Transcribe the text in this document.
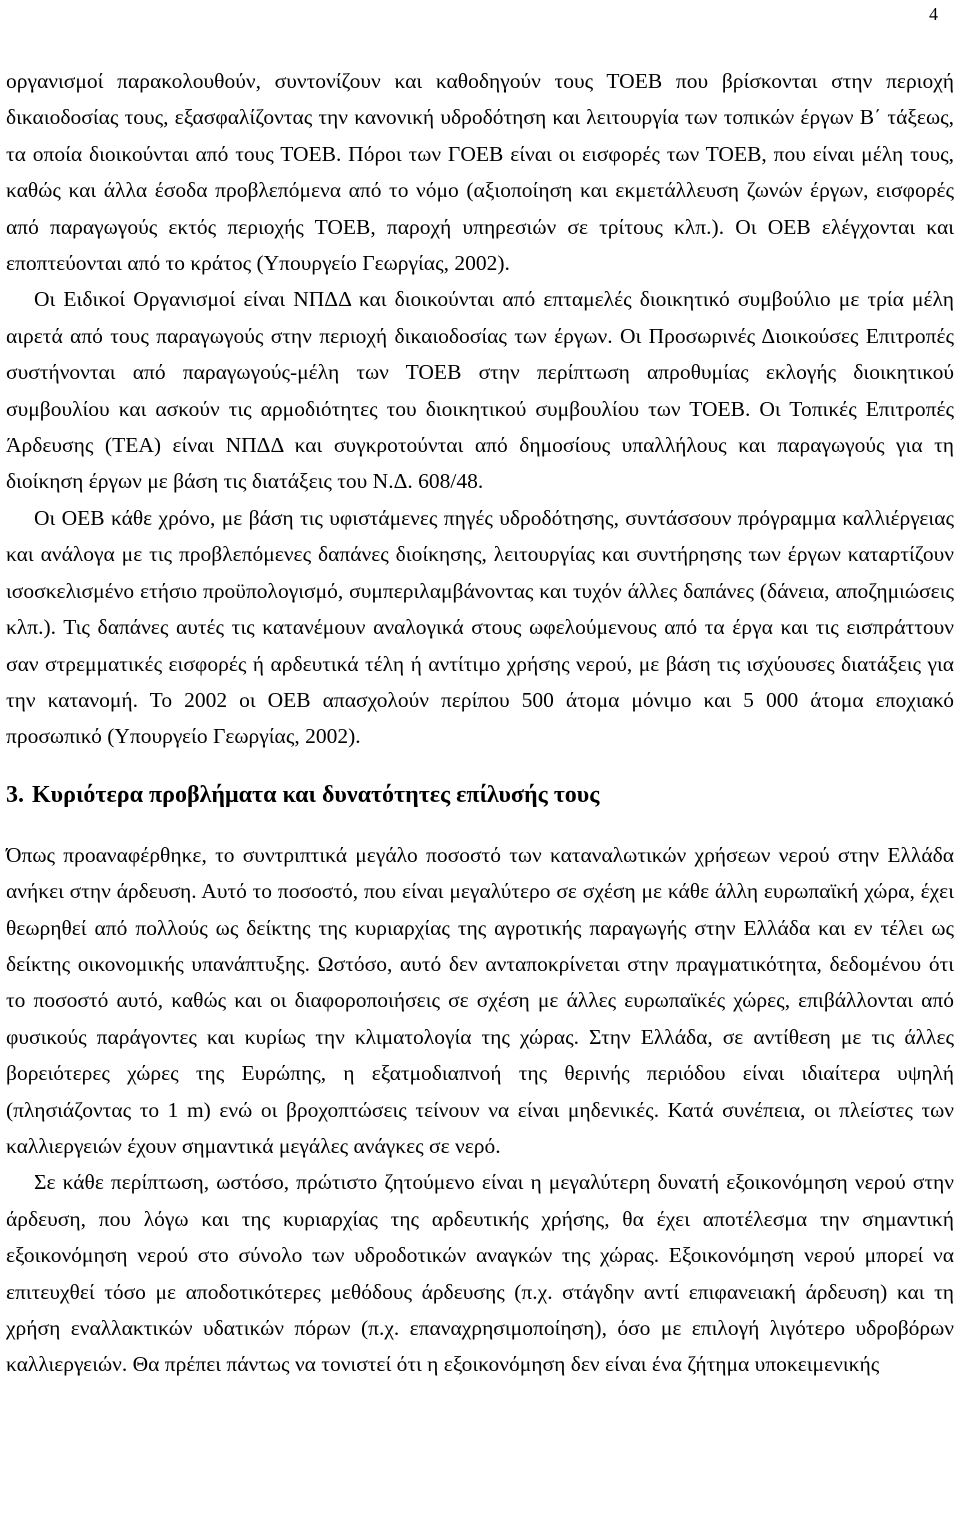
4

οργανισμοί παρακολουθούν, συντονίζουν και καθοδηγούν τους ΤΟΕΒ που βρίσκονται στην περιοχή δικαιοδοσίας τους, εξασφαλίζοντας την κανονική υδροδότηση και λειτουργία των τοπικών έργων Β΄ τάξεως, τα οποία διοικούνται από τους ΤΟΕΒ. Πόροι των ΓΟΕΒ είναι οι εισφορές των ΤΟΕΒ, που είναι μέλη τους, καθώς και άλλα έσοδα προβλεπόμενα από το νόμο (αξιοποίηση και εκμετάλλευση ζωνών έργων, εισφορές από παραγωγούς εκτός περιοχής ΤΟΕΒ, παροχή υπηρεσιών σε τρίτους κλπ.). Οι ΟΕΒ ελέγχονται και εποπτεύονται από το κράτος (Υπουργείο Γεωργίας, 2002).

Οι Ειδικοί Οργανισμοί είναι ΝΠΔΔ και διοικούνται από επταμελές διοικητικό συμβούλιο με τρία μέλη αιρετά από τους παραγωγούς στην περιοχή δικαιοδοσίας των έργων. Οι Προσωρινές Διοικούσες Επιτροπές συστήνονται από παραγωγούς-μέλη των ΤΟΕΒ στην περίπτωση απροθυμίας εκλογής διοικητικού συμβουλίου και ασκούν τις αρμοδιότητες του διοικητικού συμβουλίου των ΤΟΕΒ. Οι Τοπικές Επιτροπές Άρδευσης (ΤΕΑ) είναι ΝΠΔΔ και συγκροτούνται από δημοσίους υπαλλήλους και παραγωγούς για τη διοίκηση έργων με βάση τις διατάξεις του Ν.Δ. 608/48.

Οι ΟΕΒ κάθε χρόνο, με βάση τις υφιστάμενες πηγές υδροδότησης, συντάσσουν πρόγραμμα καλλιέργειας και ανάλογα με τις προβλεπόμενες δαπάνες διοίκησης, λειτουργίας και συντήρησης των έργων καταρτίζουν ισοσκελισμένο ετήσιο προϋπολογισμό, συμπεριλαμβάνοντας και τυχόν άλλες δαπάνες (δάνεια, αποζημιώσεις κλπ.). Τις δαπάνες αυτές τις κατανέμουν αναλογικά στους ωφελούμενους από τα έργα και τις εισπράττουν σαν στρεμματικές εισφορές ή αρδευτικά τέλη ή αντίτιμο χρήσης νερού, με βάση τις ισχύουσες διατάξεις για την κατανομή. Το 2002 οι ΟΕΒ απασχολούν περίπου 500 άτομα μόνιμο και 5 000 άτομα εποχιακό προσωπικό (Υπουργείο Γεωργίας, 2002).

3. Κυριότερα προβλήματα και δυνατότητες επίλυσής τους

Όπως προαναφέρθηκε, το συντριπτικά μεγάλο ποσοστό των καταναλωτικών χρήσεων νερού στην Ελλάδα ανήκει στην άρδευση. Αυτό το ποσοστό, που είναι μεγαλύτερο σε σχέση με κάθε άλλη ευρωπαϊκή χώρα, έχει θεωρηθεί από πολλούς ως δείκτης της κυριαρχίας της αγροτικής παραγωγής στην Ελλάδα και εν τέλει ως δείκτης οικονομικής υπανάπτυξης. Ωστόσο, αυτό δεν ανταποκρίνεται στην πραγματικότητα, δεδομένου ότι το ποσοστό αυτό, καθώς και οι διαφοροποιήσεις σε σχέση με άλλες ευρωπαϊκές χώρες, επιβάλλονται από φυσικούς παράγοντες και κυρίως την κλιματολογία της χώρας. Στην Ελλάδα, σε αντίθεση με τις άλλες βορειότερες χώρες της Ευρώπης, η εξατμοδιαπνοή της θερινής περιόδου είναι ιδιαίτερα υψηλή (πλησιάζοντας το 1 m) ενώ οι βροχοπτώσεις τείνουν να είναι μηδενικές. Κατά συνέπεια, οι πλείστες των καλλιεργειών έχουν σημαντικά μεγάλες ανάγκες σε νερό.

Σε κάθε περίπτωση, ωστόσο, πρώτιστο ζητούμενο είναι η μεγαλύτερη δυνατή εξοικονόμηση νερού στην άρδευση, που λόγω και της κυριαρχίας της αρδευτικής χρήσης, θα έχει αποτέλεσμα την σημαντική εξοικονόμηση νερού στο σύνολο των υδροδοτικών αναγκών της χώρας. Εξοικονόμηση νερού μπορεί να επιτευχθεί τόσο με αποδοτικότερες μεθόδους άρδευσης (π.χ. στάγδην αντί επιφανειακή άρδευση) και τη χρήση εναλλακτικών υδατικών πόρων (π.χ. επαναχρησιμοποίηση), όσο με επιλογή λιγότερο υδροβόρων καλλιεργειών. Θα πρέπει πάντως να τονιστεί ότι η εξοικονόμηση δεν είναι ένα ζήτημα υποκειμενικής
